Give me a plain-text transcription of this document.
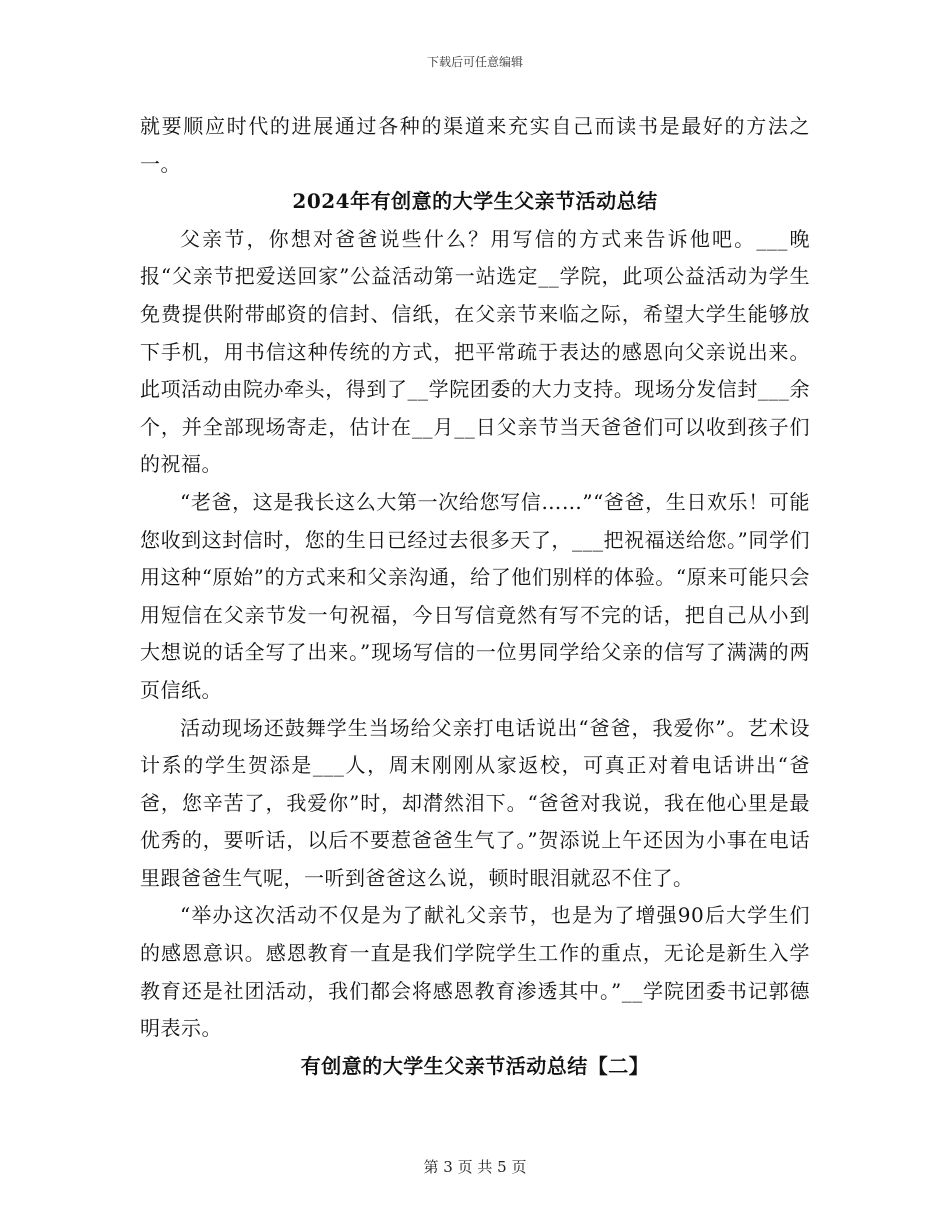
下载后可任意编辑

就要顺应时代的进展通过各种的渠道来充实自己而读书是最好的方法之一。

2024年有创意的大学生父亲节活动总结

父亲节，你想对爸爸说些什么？用写信的方式来告诉他吧。___晚报“父亲节把爱送回家”公益活动第一站选定__学院，此项公益活动为学生免费提供附带邮资的信封、信纸，在父亲节来临之际，希望大学生能够放下手机，用书信这种传统的方式，把平常疏于表达的感恩向父亲说出来。此项活动由院办牵头，得到了__学院团委的大力支持。现场分发信封___余个，并全部现场寄走，估计在__月__日父亲节当天爸爸们可以收到孩子们的祝福。

“老爸，这是我长这么大第一次给您写信……”“爸爸，生日欢乐！可能您收到这封信时，您的生日已经过去很多天了，___把祝福送给您。”同学们用这种“原始”的方式来和父亲沟通，给了他们别样的体验。“原来可能只会用短信在父亲节发一句祝福，今日写信竟然有写不完的话，把自己从小到大想说的话全写了出来。”现场写信的一位男同学给父亲的信写了满满的两页信纸。

活动现场还鼓舞学生当场给父亲打电话说出“爸爸，我爱你”。艺术设计系的学生贺添是___人，周末刚刚从家返校，可真正对着电话讲出“爸爸，您辛苦了，我爱你”时，却潸然泪下。“爸爸对我说，我在他心里是最优秀的，要听话，以后不要惹爸爸生气了。”贺添说上午还因为小事在电话里跟爸爸生气呢，一听到爸爸这么说，顿时眼泪就忍不住了。

“举办这次活动不仅是为了献礼父亲节，也是为了增强90后大学生们的感恩意识。感恩教育一直是我们学院学生工作的重点，无论是新生入学教育还是社团活动，我们都会将感恩教育渗透其中。”__学院团委书记郭德明表示。

有创意的大学生父亲节活动总结【二】
第 3 页 共 5 页
